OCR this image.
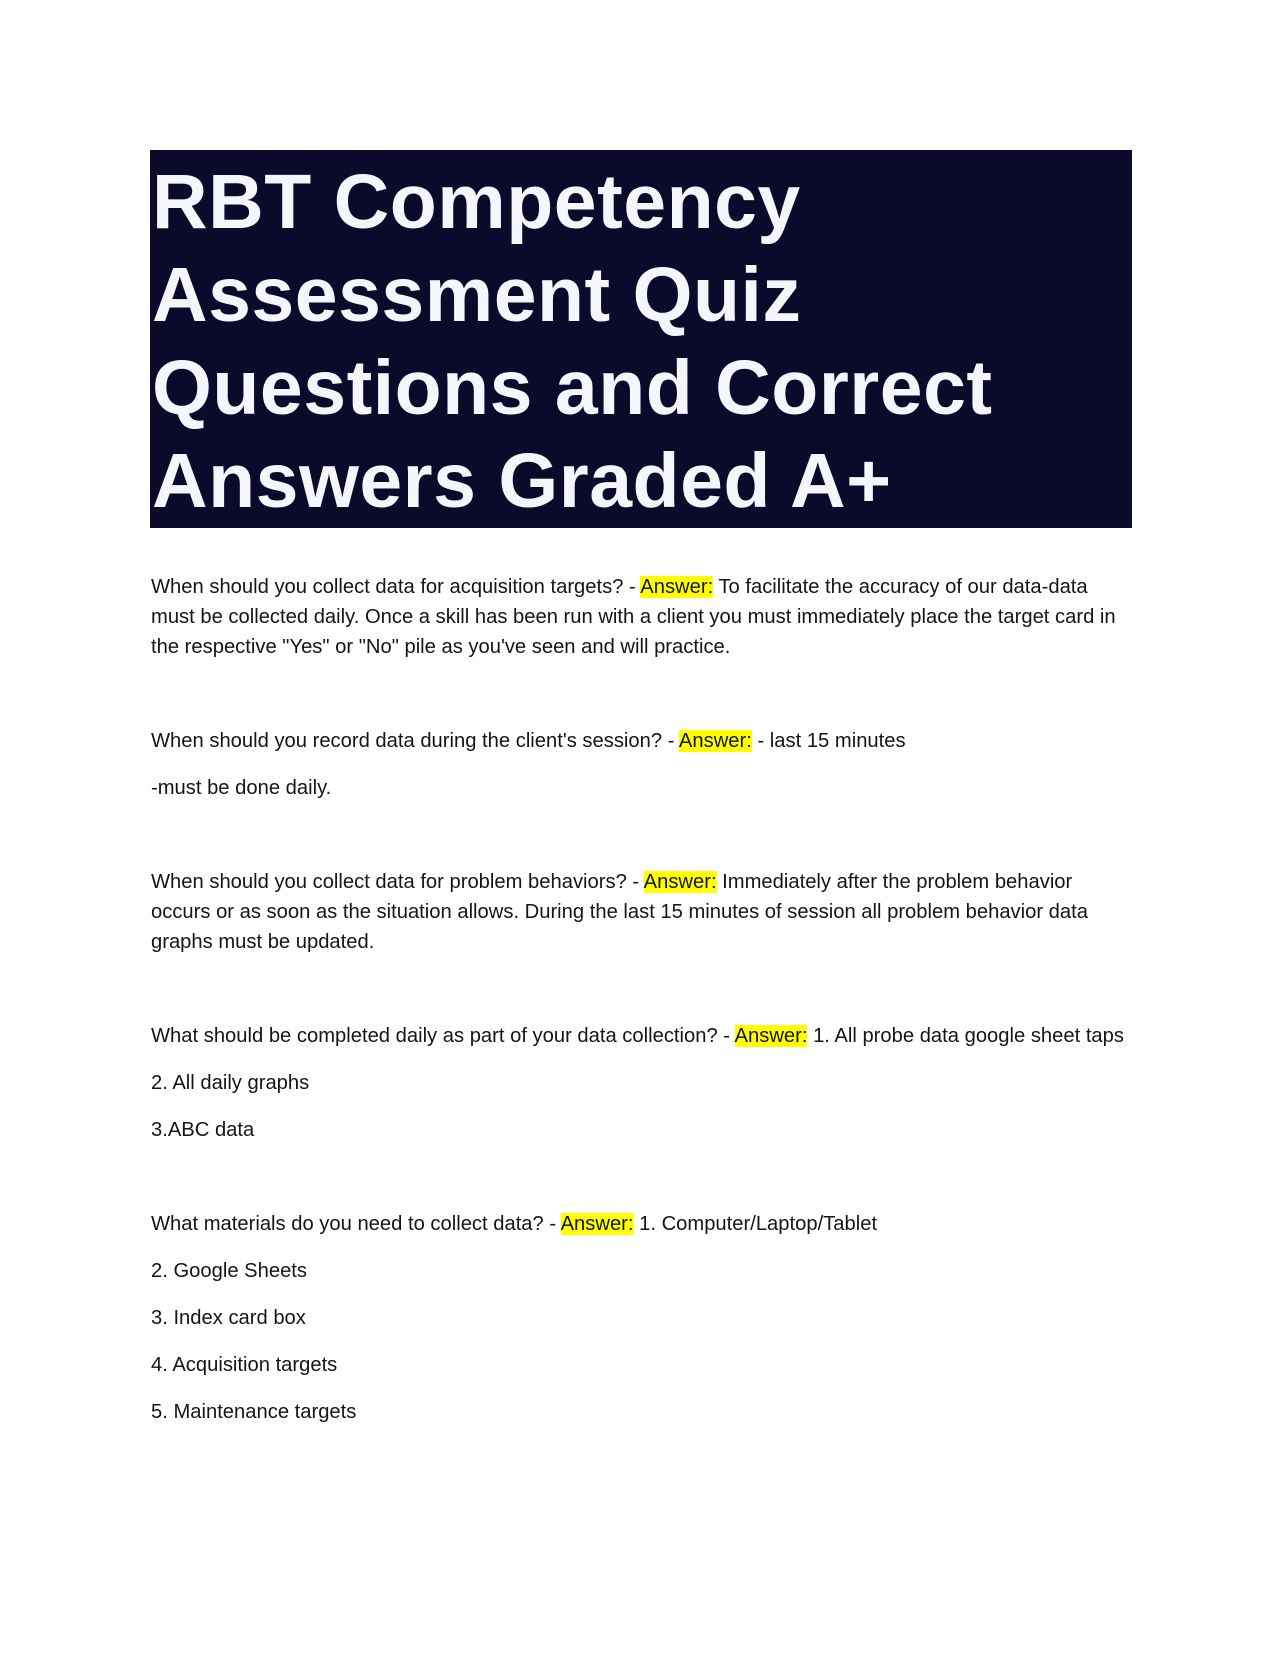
RBT Competency
Assessment Quiz
Questions and Correct
Answers Graded A+

When should you collect data for acquisition targets? - Answer: To facilitate the accuracy of our data-data must be collected daily. Once a skill has been run with a client you must immediately place the target card in the respective "Yes" or "No" pile as you've seen and will practice.

When should you record data during the client's session? - Answer: - last 15 minutes

-must be done daily.

When should you collect data for problem behaviors? - Answer: Immediately after the problem behavior occurs or as soon as the situation allows. During the last 15 minutes of session all problem behavior data graphs must be updated.

What should be completed daily as part of your data collection? - Answer: 1. All probe data google sheet taps

2. All daily graphs

3.ABC data

What materials do you need to collect data? - Answer: 1. Computer/Laptop/Tablet

2. Google Sheets

3. Index card box

4. Acquisition targets

5. Maintenance targets
